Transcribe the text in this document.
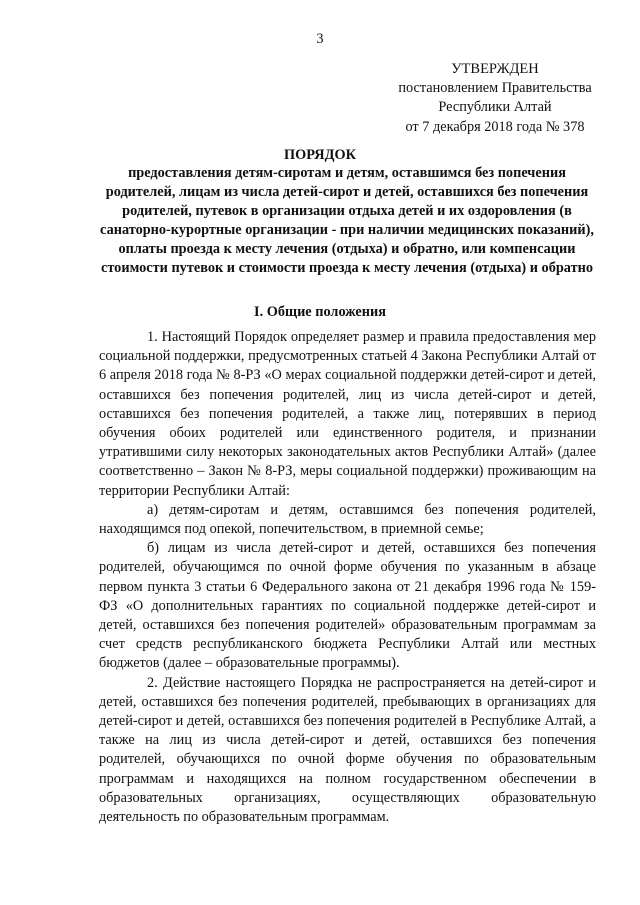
3
УТВЕРЖДЕН
постановлением Правительства
Республики Алтай
от 7 декабря 2018 года № 378
ПОРЯДОК
предоставления детям-сиротам и детям, оставшимся без попечения родителей, лицам из числа детей-сирот и детей, оставшихся без попечения родителей, путевок в организации отдыха детей и их оздоровления (в санаторно-курортные организации - при наличии медицинских показаний), оплаты проезда к месту лечения (отдыха) и обратно, или компенсации стоимости путевок и стоимости проезда к месту лечения (отдыха) и обратно
I. Общие положения

1. Настоящий Порядок определяет размер и правила предоставления мер социальной поддержки, предусмотренных статьей 4 Закона Республики Алтай от 6 апреля 2018 года № 8-РЗ «О мерах социальной поддержки детей-сирот и детей, оставшихся без попечения родителей, лиц из числа детей-сирот и детей, оставшихся без попечения родителей, а также лиц, потерявших в период обучения обоих родителей или единственного родителя, и признании утратившими силу некоторых законодательных актов Республики Алтай» (далее соответственно – Закон № 8-РЗ, меры социальной поддержки) проживающим на территории Республики Алтай:

а) детям-сиротам и детям, оставшимся без попечения родителей, находящимся под опекой, попечительством, в приемной семье;

б) лицам из числа детей-сирот и детей, оставшихся без попечения родителей, обучающимся по очной форме обучения по указанным в абзаце первом пункта 3 статьи 6 Федерального закона от 21 декабря 1996 года № 159-ФЗ «О дополнительных гарантиях по социальной поддержке детей-сирот и детей, оставшихся без попечения родителей» образовательным программам за счет средств республиканского бюджета Республики Алтай или местных бюджетов (далее – образовательные программы).

2. Действие настоящего Порядка не распространяется на детей-сирот и детей, оставшихся без попечения родителей, пребывающих в организациях для детей-сирот и детей, оставшихся без попечения родителей в Республике Алтай, а также на лиц из числа детей-сирот и детей, оставшихся без попечения родителей, обучающихся по очной форме обучения по образовательным программам и находящихся на полном государственном обеспечении в образовательных организациях, осуществляющих образовательную деятельность по образовательным программам.
